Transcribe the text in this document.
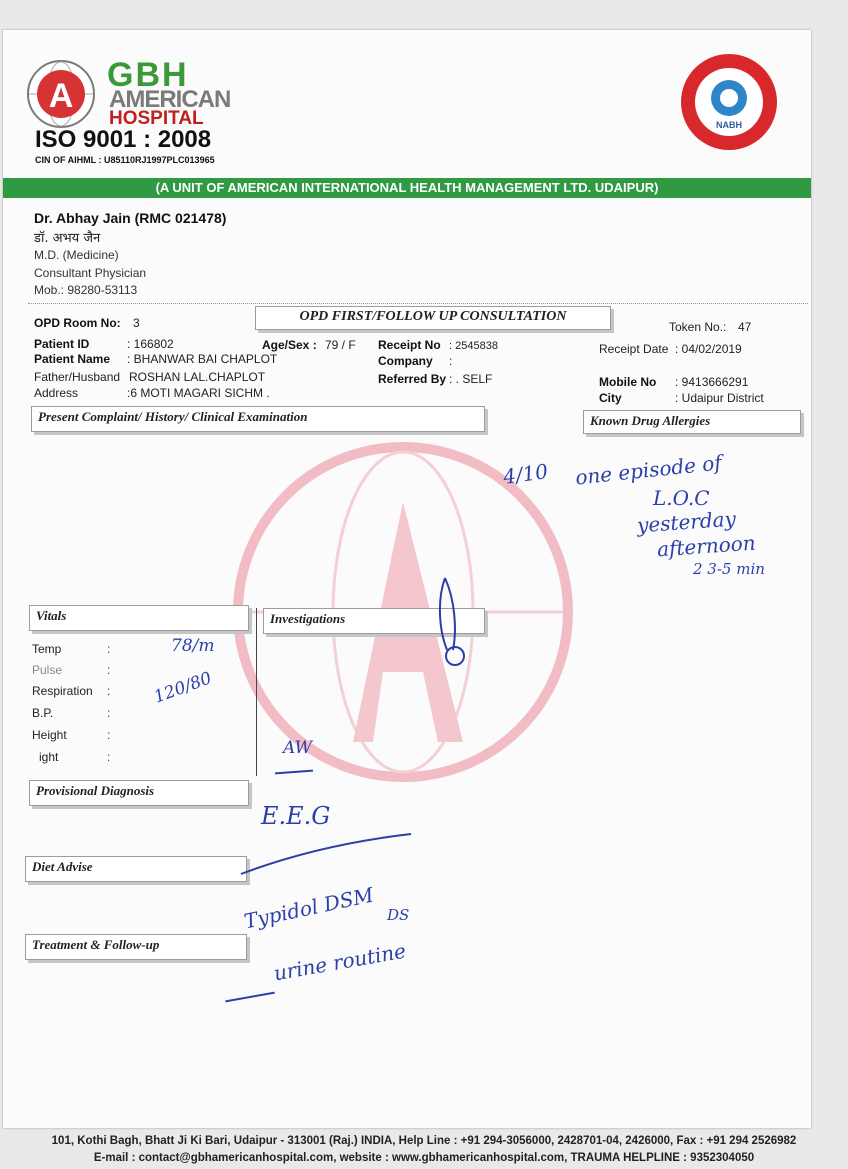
A
GBH
AMERICAN
HOSPITAL
ISO 9001 : 2008
CIN OF AIHML : U85110RJ1997PLC013965
NABH
(A UNIT OF AMERICAN INTERNATIONAL HEALTH MANAGEMENT LTD. UDAIPUR)
Dr. Abhay Jain (RMC 021478)
डॉ. अभय जैन
M.D. (Medicine)
Consultant Physician
Mob.: 98280-53113
OPD Room No: 3	OPD FIRST/FOLLOW UP CONSULTATION
Token No.: 47
Patient ID	: 166802
Patient Name : BHANWAR BAI CHAPLOT
Father/Husband ROSHAN LAL.CHAPLOT
Address	:6 MOTI MAGARI SICHM .
Age/Sex : 79 / F Receipt No : 2545838
Company :
Referred By : . SELF
Receipt Date : 04/02/2019
Mobile No : 9413666291
City	: Udaipur District
Present Complaint/ History/ Clinical Examination	Known Drug Allergies
Vitals	Investigations
Temp	:
Pulse	:
Respiration :
B.P.	:
Height	:
ight	:
Provisional Diagnosis
Diet Advise
Treatment & Follow-up
4/10 one episode of
L.O.C
yesterday
afternoon
2 3-5 min
78/m
120/80
AW
E.E.G
Typidol DSM DS
urine routine
101, Kothi Bagh, Bhatt Ji Ki Bari, Udaipur - 313001 (Raj.) INDIA, Help Line : +91 294-3056000, 2428701-04, 2426000, Fax : +91 294 2526982
E-mail : contact@gbhamericanhospital.com, website : www.gbhamericanhospital.com, TRAUMA HELPLINE : 9352304050
